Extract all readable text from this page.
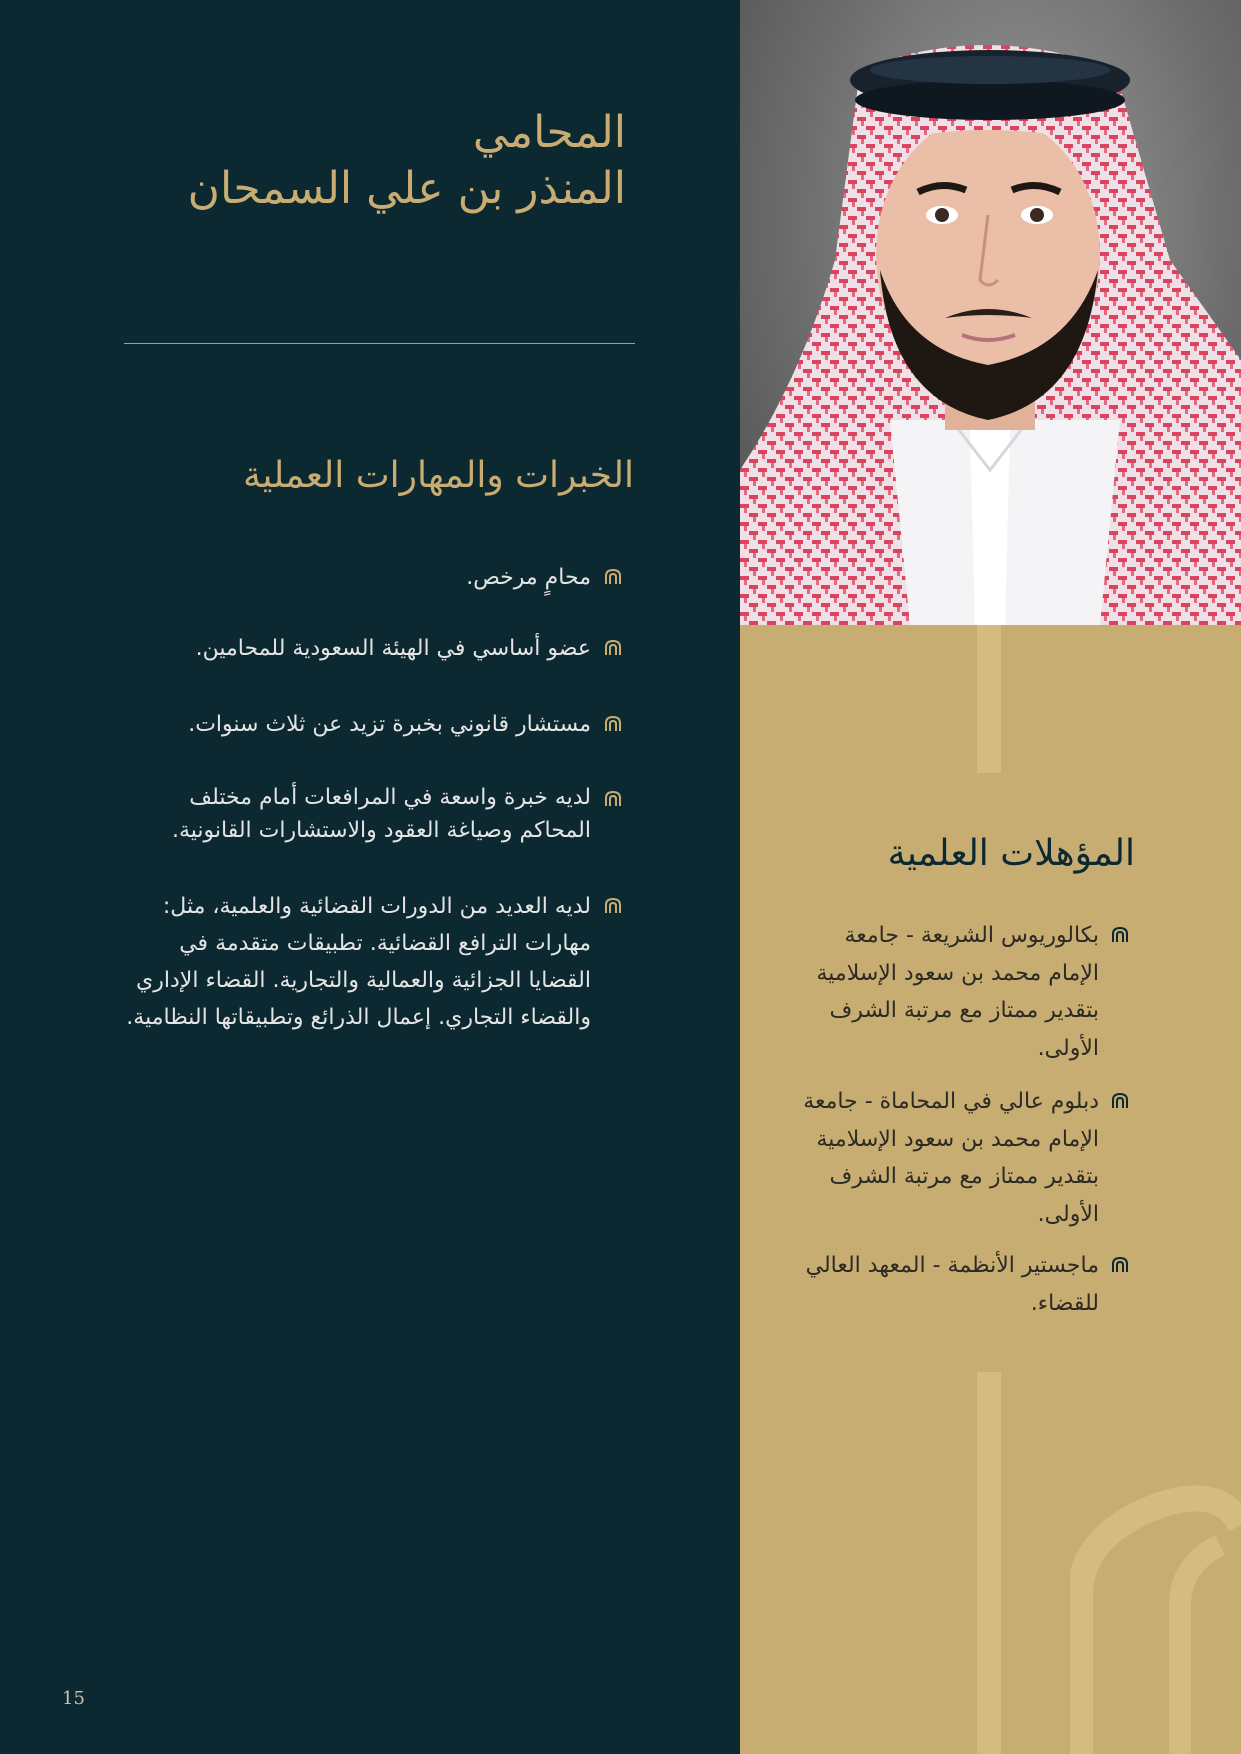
المحامي
المنذر بن علي السمحان
الخبرات والمهارات العملية
محامٍ مرخص.
عضو أساسي في الهيئة السعودية للمحامين.
مستشار قانوني بخبرة تزيد عن ثلاث سنوات.
لديه خبرة واسعة في المرافعات أمام مختلف المحاكم وصياغة العقود والاستشارات القانونية.
لديه العديد من الدورات القضائية والعلمية، مثل: مهارات الترافع القضائية. تطبيقات متقدمة في القضايا الجزائية والعمالية والتجارية. القضاء الإداري والقضاء التجاري. إعمال الذرائع وتطبيقاتها النظامية.
المؤهلات العلمية
بكالوريوس الشريعة - جامعة الإمام محمد بن سعود الإسلامية بتقدير ممتاز مع مرتبة الشرف الأولى.
دبلوم عالي في المحاماة - جامعة الإمام محمد بن سعود الإسلامية بتقدير ممتاز مع مرتبة الشرف الأولى.
ماجستير الأنظمة - المعهد العالي للقضاء.
15
